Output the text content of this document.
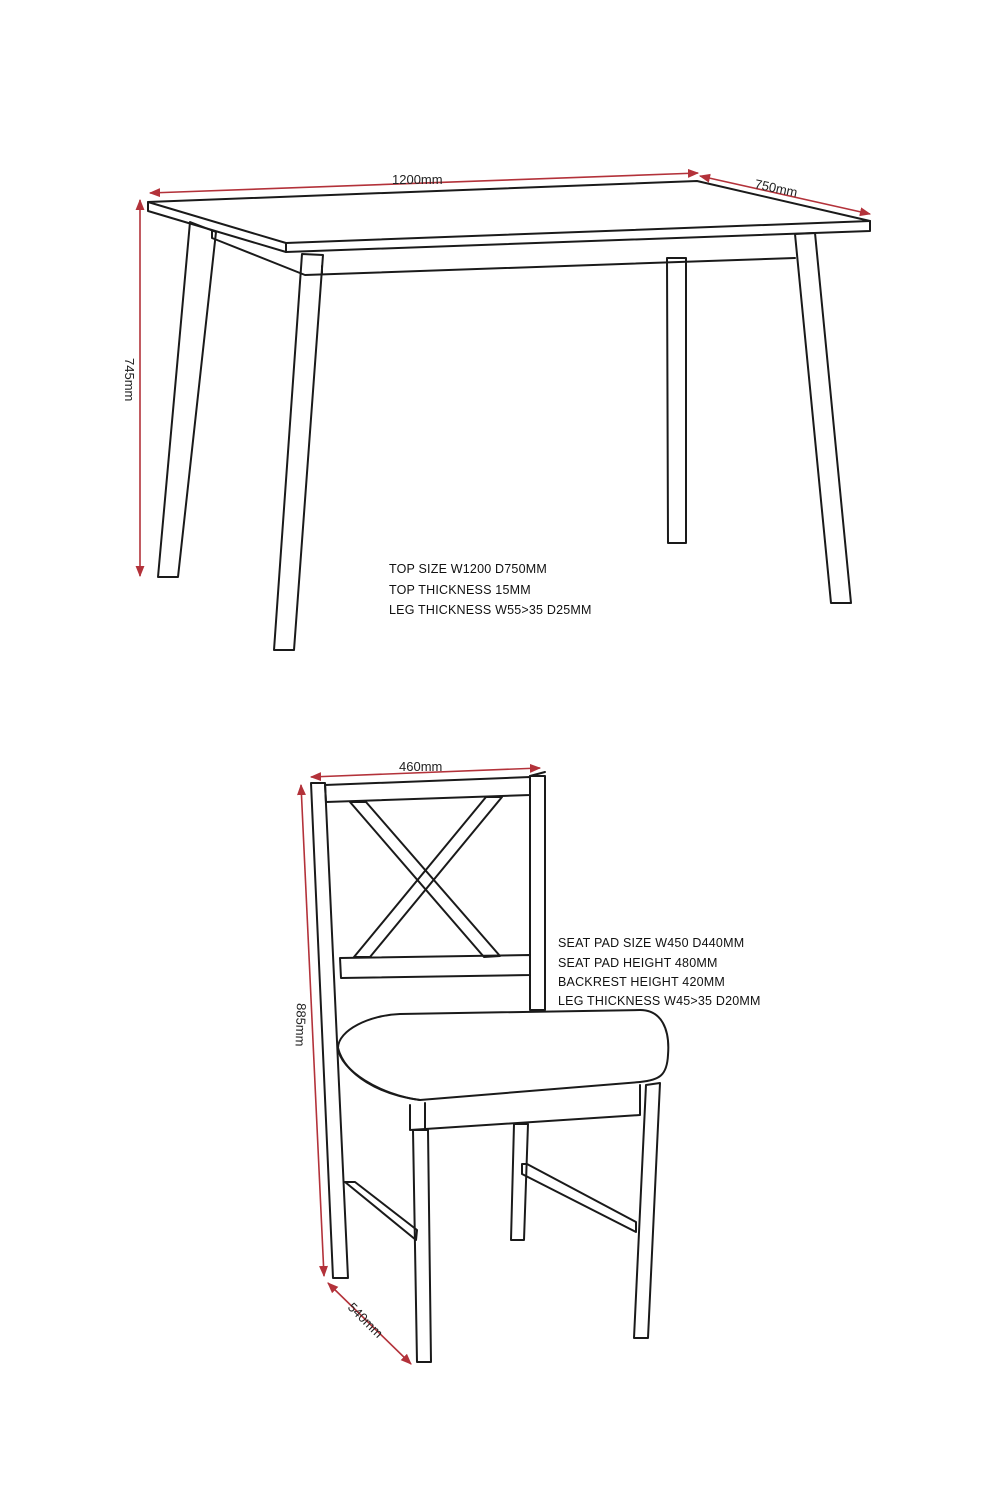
1200mm	750mm
745mm
TOP SIZE W1200 D750MM
TOP THICKNESS 15MM
LEG THICKNESS W55>35 D25MM
460mm
885mm
540mm
SEAT PAD SIZE W450 D440MM
SEAT PAD HEIGHT 480MM
BACKREST HEIGHT 420MM
LEG THICKNESS W45>35 D20MM
